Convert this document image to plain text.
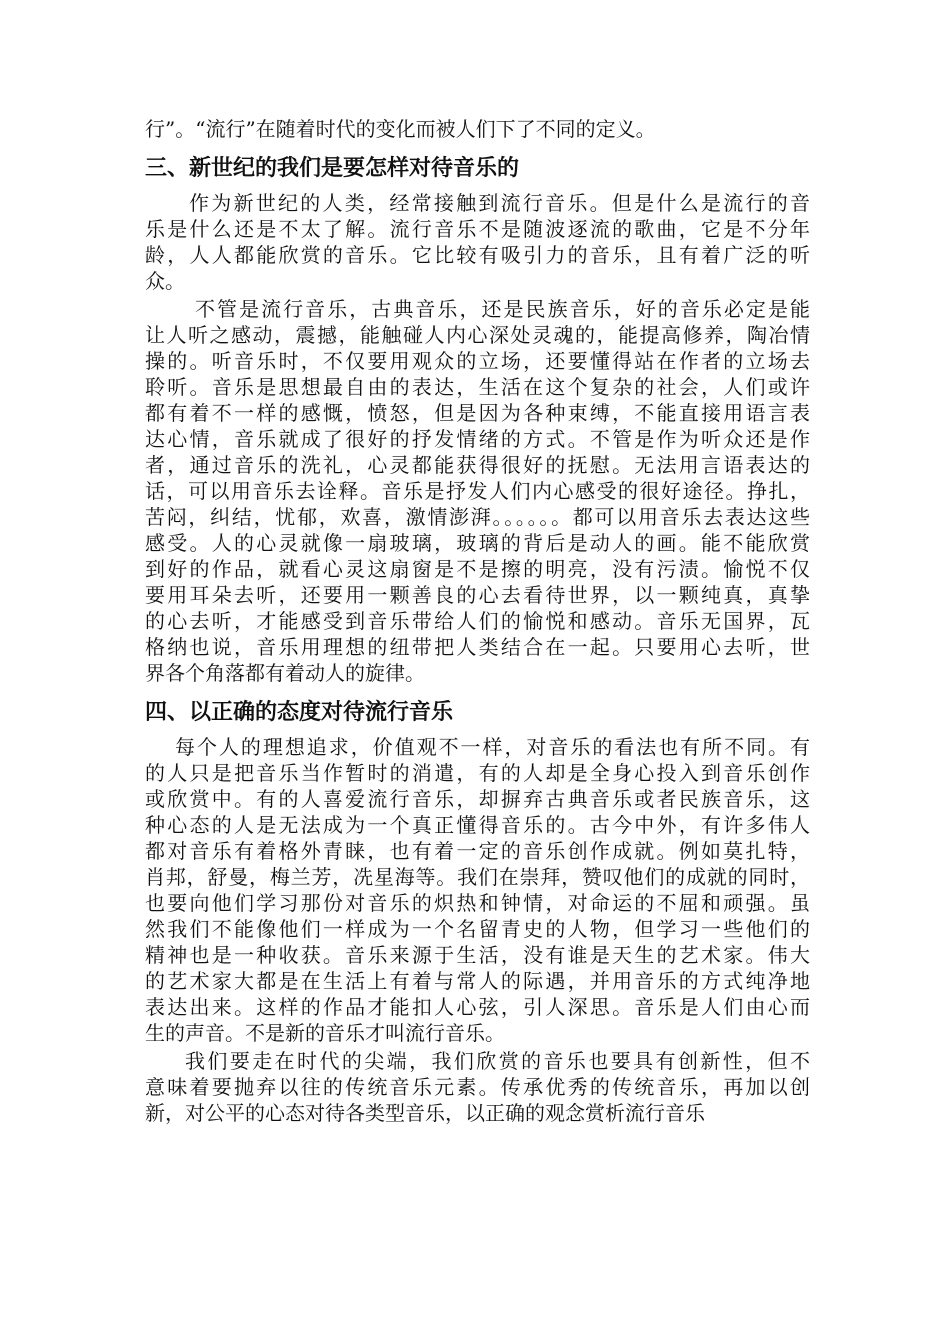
行”。“流行”在随着时代的变化而被人们下了不同的定义。

三、新世纪的我们是要怎样对待音乐的

作为新世纪的人类，经常接触到流行音乐。但是什么是流行的音

乐是什么还是不太了解。流行音乐不是随波逐流的歌曲，它是不分年

龄，人人都能欣赏的音乐。它比较有吸引力的音乐，且有着广泛的听

众。

不管是流行音乐，古典音乐，还是民族音乐，好的音乐必定是能

让人听之感动，震撼，能触碰人内心深处灵魂的，能提高修养，陶冶情

操的。听音乐时，不仅要用观众的立场，还要懂得站在作者的立场去

聆听。音乐是思想最自由的表达，生活在这个复杂的社会，人们或许

都有着不一样的感慨，愤怒，但是因为各种束缚，不能直接用语言表

达心情，音乐就成了很好的抒发情绪的方式。不管是作为听众还是作

者，通过音乐的洗礼，心灵都能获得很好的抚慰。无法用言语表达的

话，可以用音乐去诠释。音乐是抒发人们内心感受的很好途径。挣扎，

苦闷，纠结，忧郁，欢喜，激情澎湃。。。。。。都可以用音乐去表达这些

感受。人的心灵就像一扇玻璃，玻璃的背后是动人的画。能不能欣赏

到好的作品，就看心灵这扇窗是不是擦的明亮，没有污渍。愉悦不仅

要用耳朵去听，还要用一颗善良的心去看待世界，以一颗纯真，真挚

的心去听，才能感受到音乐带给人们的愉悦和感动。音乐无国界，瓦

格纳也说，音乐用理想的纽带把人类结合在一起。只要用心去听，世

界各个角落都有着动人的旋律。

四、以正确的态度对待流行音乐

每个人的理想追求，价值观不一样，对音乐的看法也有所不同。有

的人只是把音乐当作暂时的消遣，有的人却是全身心投入到音乐创作

或欣赏中。有的人喜爱流行音乐，却摒弃古典音乐或者民族音乐，这

种心态的人是无法成为一个真正懂得音乐的。古今中外，有许多伟人

都对音乐有着格外青睐，也有着一定的音乐创作成就。例如莫扎特，

肖邦，舒曼，梅兰芳，冼星海等。我们在崇拜，赞叹他们的成就的同时，

也要向他们学习那份对音乐的炽热和钟情，对命运的不屈和顽强。虽

然我们不能像他们一样成为一个名留青史的人物，但学习一些他们的

精神也是一种收获。音乐来源于生活，没有谁是天生的艺术家。伟大

的艺术家大都是在生活上有着与常人的际遇，并用音乐的方式纯净地

表达出来。这样的作品才能扣人心弦，引人深思。音乐是人们由心而

生的声音。不是新的音乐才叫流行音乐。

我们要走在时代的尖端，我们欣赏的音乐也要具有创新性，但不

意味着要抛弃以往的传统音乐元素。传承优秀的传统音乐，再加以创

新，对公平的心态对待各类型音乐，以正确的观念赏析流行音乐
